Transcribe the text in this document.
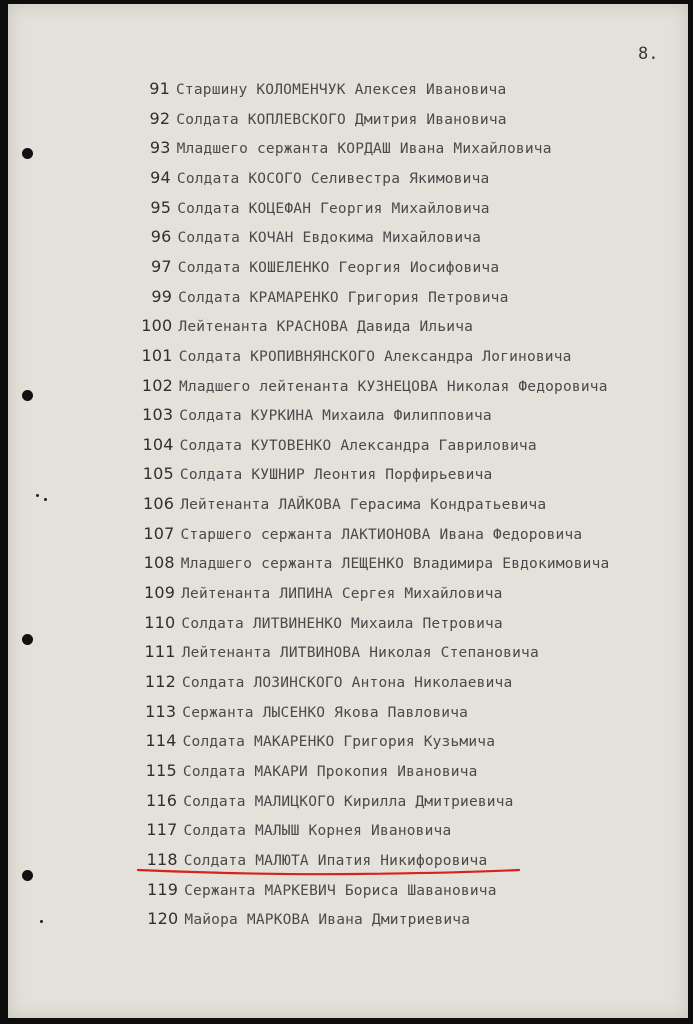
8.
91 Старшину КОЛОМЕНЧУК Алексея Ивановича
92 Солдата КОПЛЕВСКОГО Дмитрия Ивановича
93 Младшего сержанта КОРДАШ Ивана Михайловича
94 Солдата КОСОГО Селивестра Якимовича
95 Солдата КОЦЕФАН Георгия Михайловича
96 Солдата КОЧАН Евдокима Михайловича
97 Солдата КОШЕЛЕНКО Георгия Иосифовича
99 Солдата КРАМАРЕНКО Григория Петровича
100 Лейтенанта КРАСНОВА Давида Ильича
101 Солдата КРОПИВНЯНСКОГО Александра Логиновича
102 Младшего лейтенанта КУЗНЕЦОВА Николая Федоровича
103 Солдата КУРКИНА Михаила Филипповича
104 Солдата КУТОВЕНКО Александра Гавриловича
105 Солдата КУШНИР Леонтия Порфирьевича
106 Лейтенанта ЛАЙКОВА Герасима Кондратьевича
107 Старшего сержанта ЛАКТИОНОВА Ивана Федоровича
108 Младшего сержанта ЛЕЩЕНКО Владимира Евдокимовича
109 Лейтенанта ЛИПИНА Сергея Михайловича
110 Солдата ЛИТВИНЕНКО Михаила Петровича
111 Лейтенанта ЛИТВИНОВА Николая Степановича
112 Солдата ЛОЗИНСКОГО Антона Николаевича
113 Сержанта ЛЫСЕНКО Якова Павловича
114 Солдата МАКАРЕНКО Григория Кузьмича
115 Солдата МАКАРИ Прокопия Ивановича
116 Солдата МАЛИЦКОГО Кирилла Дмитриевича
117 Солдата МАЛЫШ Корнея Ивановича
118 Солдата МАЛЮТА Ипатия Никифоровича
119 Сержанта МАРКЕВИЧ Бориса Шавановича
120 Майора МАРКОВА Ивана Дмитриевича
